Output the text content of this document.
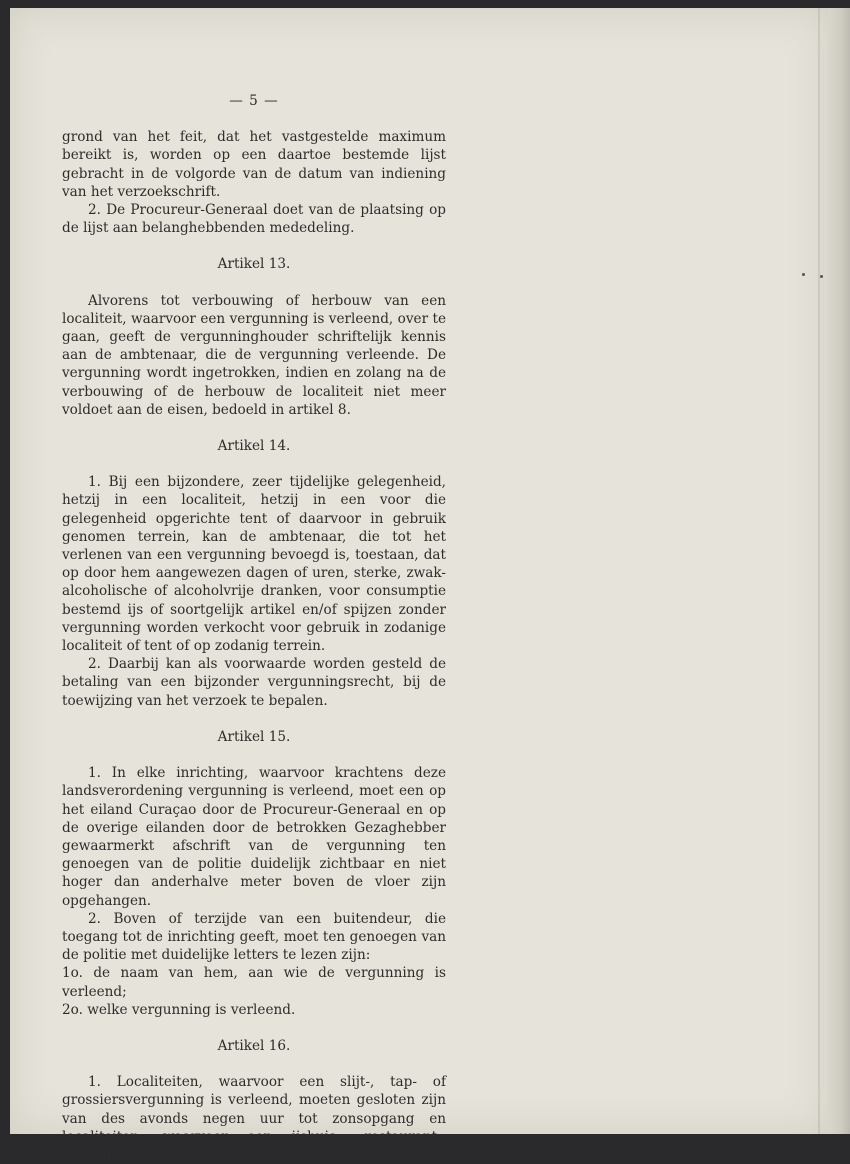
— 5 —

grond van het feit, dat het vastgestelde maximum bereikt is, worden op een daartoe bestemde lijst gebracht in de volgorde van de datum van indiening van het verzoekschrift.

2. De Procureur-Generaal doet van de plaatsing op de lijst aan belanghebbenden mededeling.

Artikel 13.

Alvorens tot verbouwing of herbouw van een localiteit, waarvoor een vergunning is verleend, over te gaan, geeft de vergunninghouder schriftelijk kennis aan de ambtenaar, die de vergunning verleende. De vergunning wordt ingetrokken, indien en zolang na de verbouwing of de herbouw de localiteit niet meer voldoet aan de eisen, bedoeld in artikel 8.

Artikel 14.

1. Bij een bijzondere, zeer tijdelijke gelegenheid, hetzij in een localiteit, hetzij in een voor die gelegenheid opgerichte tent of daarvoor in gebruik genomen terrein, kan de ambtenaar, die tot het verlenen van een vergunning bevoegd is, toestaan, dat op door hem aangewezen dagen of uren, sterke, zwak-alcoholische of alcoholvrije dranken, voor consumptie bestemd ijs of soortgelijk artikel en/of spijzen zonder vergunning worden verkocht voor gebruik in zodanige localiteit of tent of op zodanig terrein.

2. Daarbij kan als voorwaarde worden gesteld de betaling van een bijzonder vergunningsrecht, bij de toewijzing van het verzoek te bepalen.

Artikel 15.

1. In elke inrichting, waarvoor krachtens deze landsverordening vergunning is verleend, moet een op het eiland Curaçao door de Procureur-Generaal en op de overige eilanden door de betrokken Gezaghebber gewaarmerkt afschrift van de vergunning ten genoegen van de politie duidelijk zichtbaar en niet hoger dan anderhalve meter boven de vloer zijn opgehangen.

2. Boven of terzijde van een buitendeur, die toegang tot de inrichting geeft, moet ten genoegen van de politie met duidelijke letters te lezen zijn:

1o. de naam van hem, aan wie de vergunning is verleend;

2o. welke vergunning is verleend.

Artikel 16.

1. Localiteiten, waarvoor een slijt-, tap- of grossiersvergunning is verleend, moeten gesloten zijn van des avonds negen uur tot zonsopgang en localiteiten, waarvoor een ijshuis-, restaurant-, bierhuis-, koffiehuis-, loge-
